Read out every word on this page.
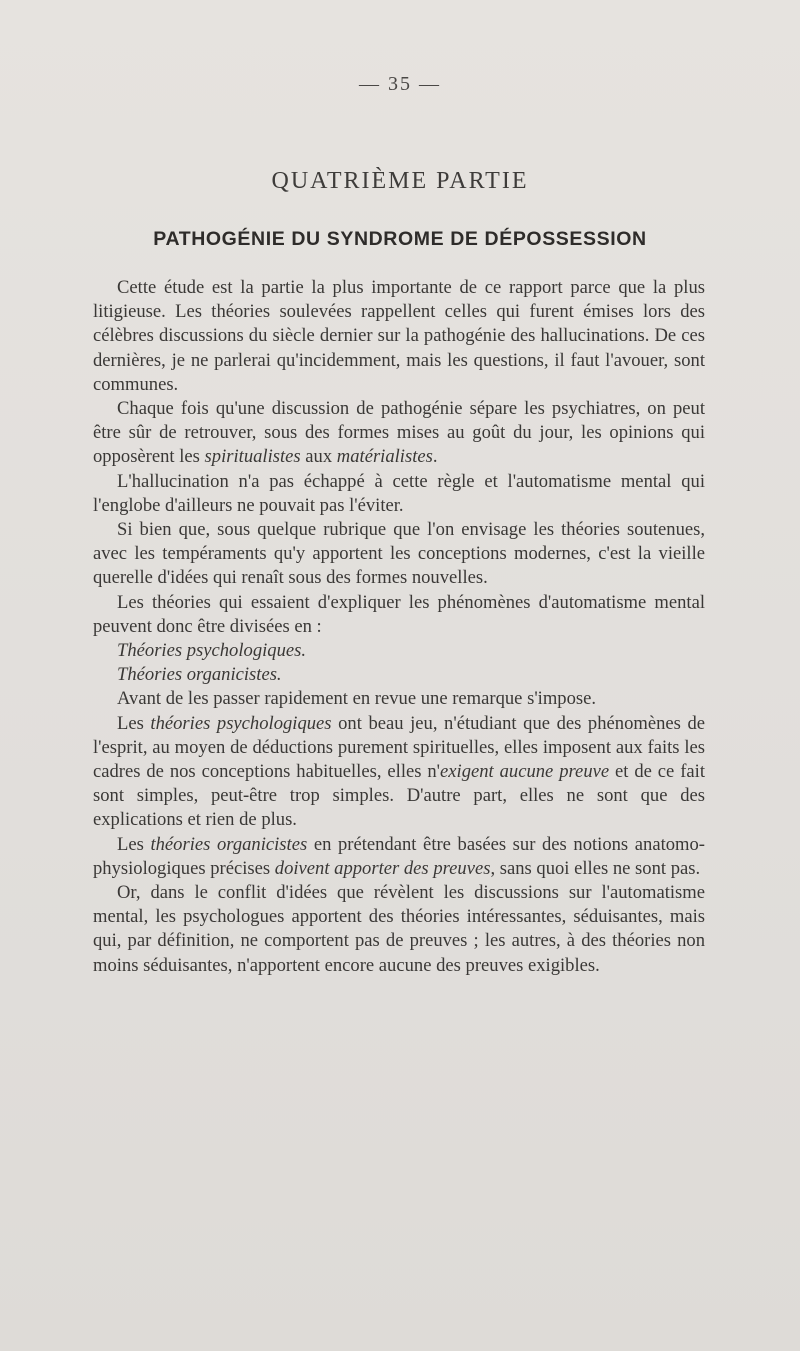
— 35 —
QUATRIÈME PARTIE
PATHOGÉNIE DU SYNDROME DE DÉPOSSESSION

Cette étude est la partie la plus importante de ce rapport parce que la plus litigieuse. Les théories soulevées rappellent celles qui furent émises lors des célèbres discussions du siècle dernier sur la pathogénie des hallucinations. De ces dernières, je ne parlerai qu'incidemment, mais les questions, il faut l'avouer, sont communes.

Chaque fois qu'une discussion de pathogénie sépare les psychiatres, on peut être sûr de retrouver, sous des formes mises au goût du jour, les opinions qui opposèrent les spiritualistes aux matérialistes.

L'hallucination n'a pas échappé à cette règle et l'automatisme mental qui l'englobe d'ailleurs ne pouvait pas l'éviter.

Si bien que, sous quelque rubrique que l'on envisage les théories soutenues, avec les tempéraments qu'y apportent les conceptions modernes, c'est la vieille querelle d'idées qui renaît sous des formes nouvelles.

Les théories qui essaient d'expliquer les phénomènes d'automatisme mental peuvent donc être divisées en :

Théories psychologiques.

Théories organicistes.

Avant de les passer rapidement en revue une remarque s'impose.

Les théories psychologiques ont beau jeu, n'étudiant que des phénomènes de l'esprit, au moyen de déductions purement spirituelles, elles imposent aux faits les cadres de nos conceptions habituelles, elles n'exigent aucune preuve et de ce fait sont simples, peut-être trop simples. D'autre part, elles ne sont que des explications et rien de plus.

Les théories organicistes en prétendant être basées sur des notions anatomo-physiologiques précises doivent apporter des preuves, sans quoi elles ne sont pas.

Or, dans le conflit d'idées que révèlent les discussions sur l'automatisme mental, les psychologues apportent des théories intéressantes, séduisantes, mais qui, par définition, ne comportent pas de preuves ; les autres, à des théories non moins séduisantes, n'apportent encore aucune des preuves exigibles.
